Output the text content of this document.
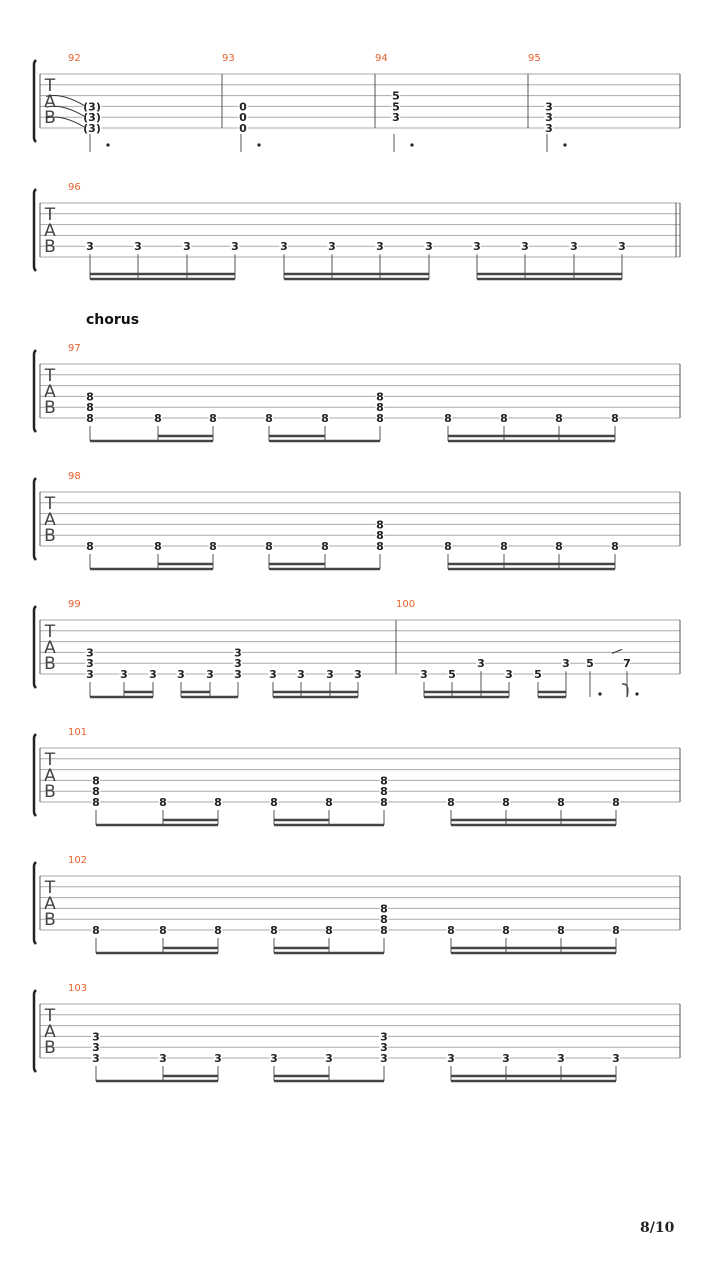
T
A
B
92
(3)
(3)
(3)
93
0
0
0
94
5
5
3
95
3
3
3
T
A
B
96
3	3	3	3	3	3	3	3	3	3	3	3
T
A
B
chorus
97
8
8
8	8	8	8	8
8
8
8	8	8	8	8
T
A
B
98
8	8	8	8	8
8
8
8	8	8	8	8
T
A
B
99
3
3
3 3 3 3 3
3
3
3 3 3 3 3
100
3 5
3
3 5
3 5	7
T
A
B
101
8
8
8	8	8	8	8
8
8
8	8	8	8	8
T
A
B
102
8	8	8	8	8
8
8
8	8	8	8	8
T
A
B
103
3
3
3	3	3	3	3
3
3
3	3	3	3	3
8/10
